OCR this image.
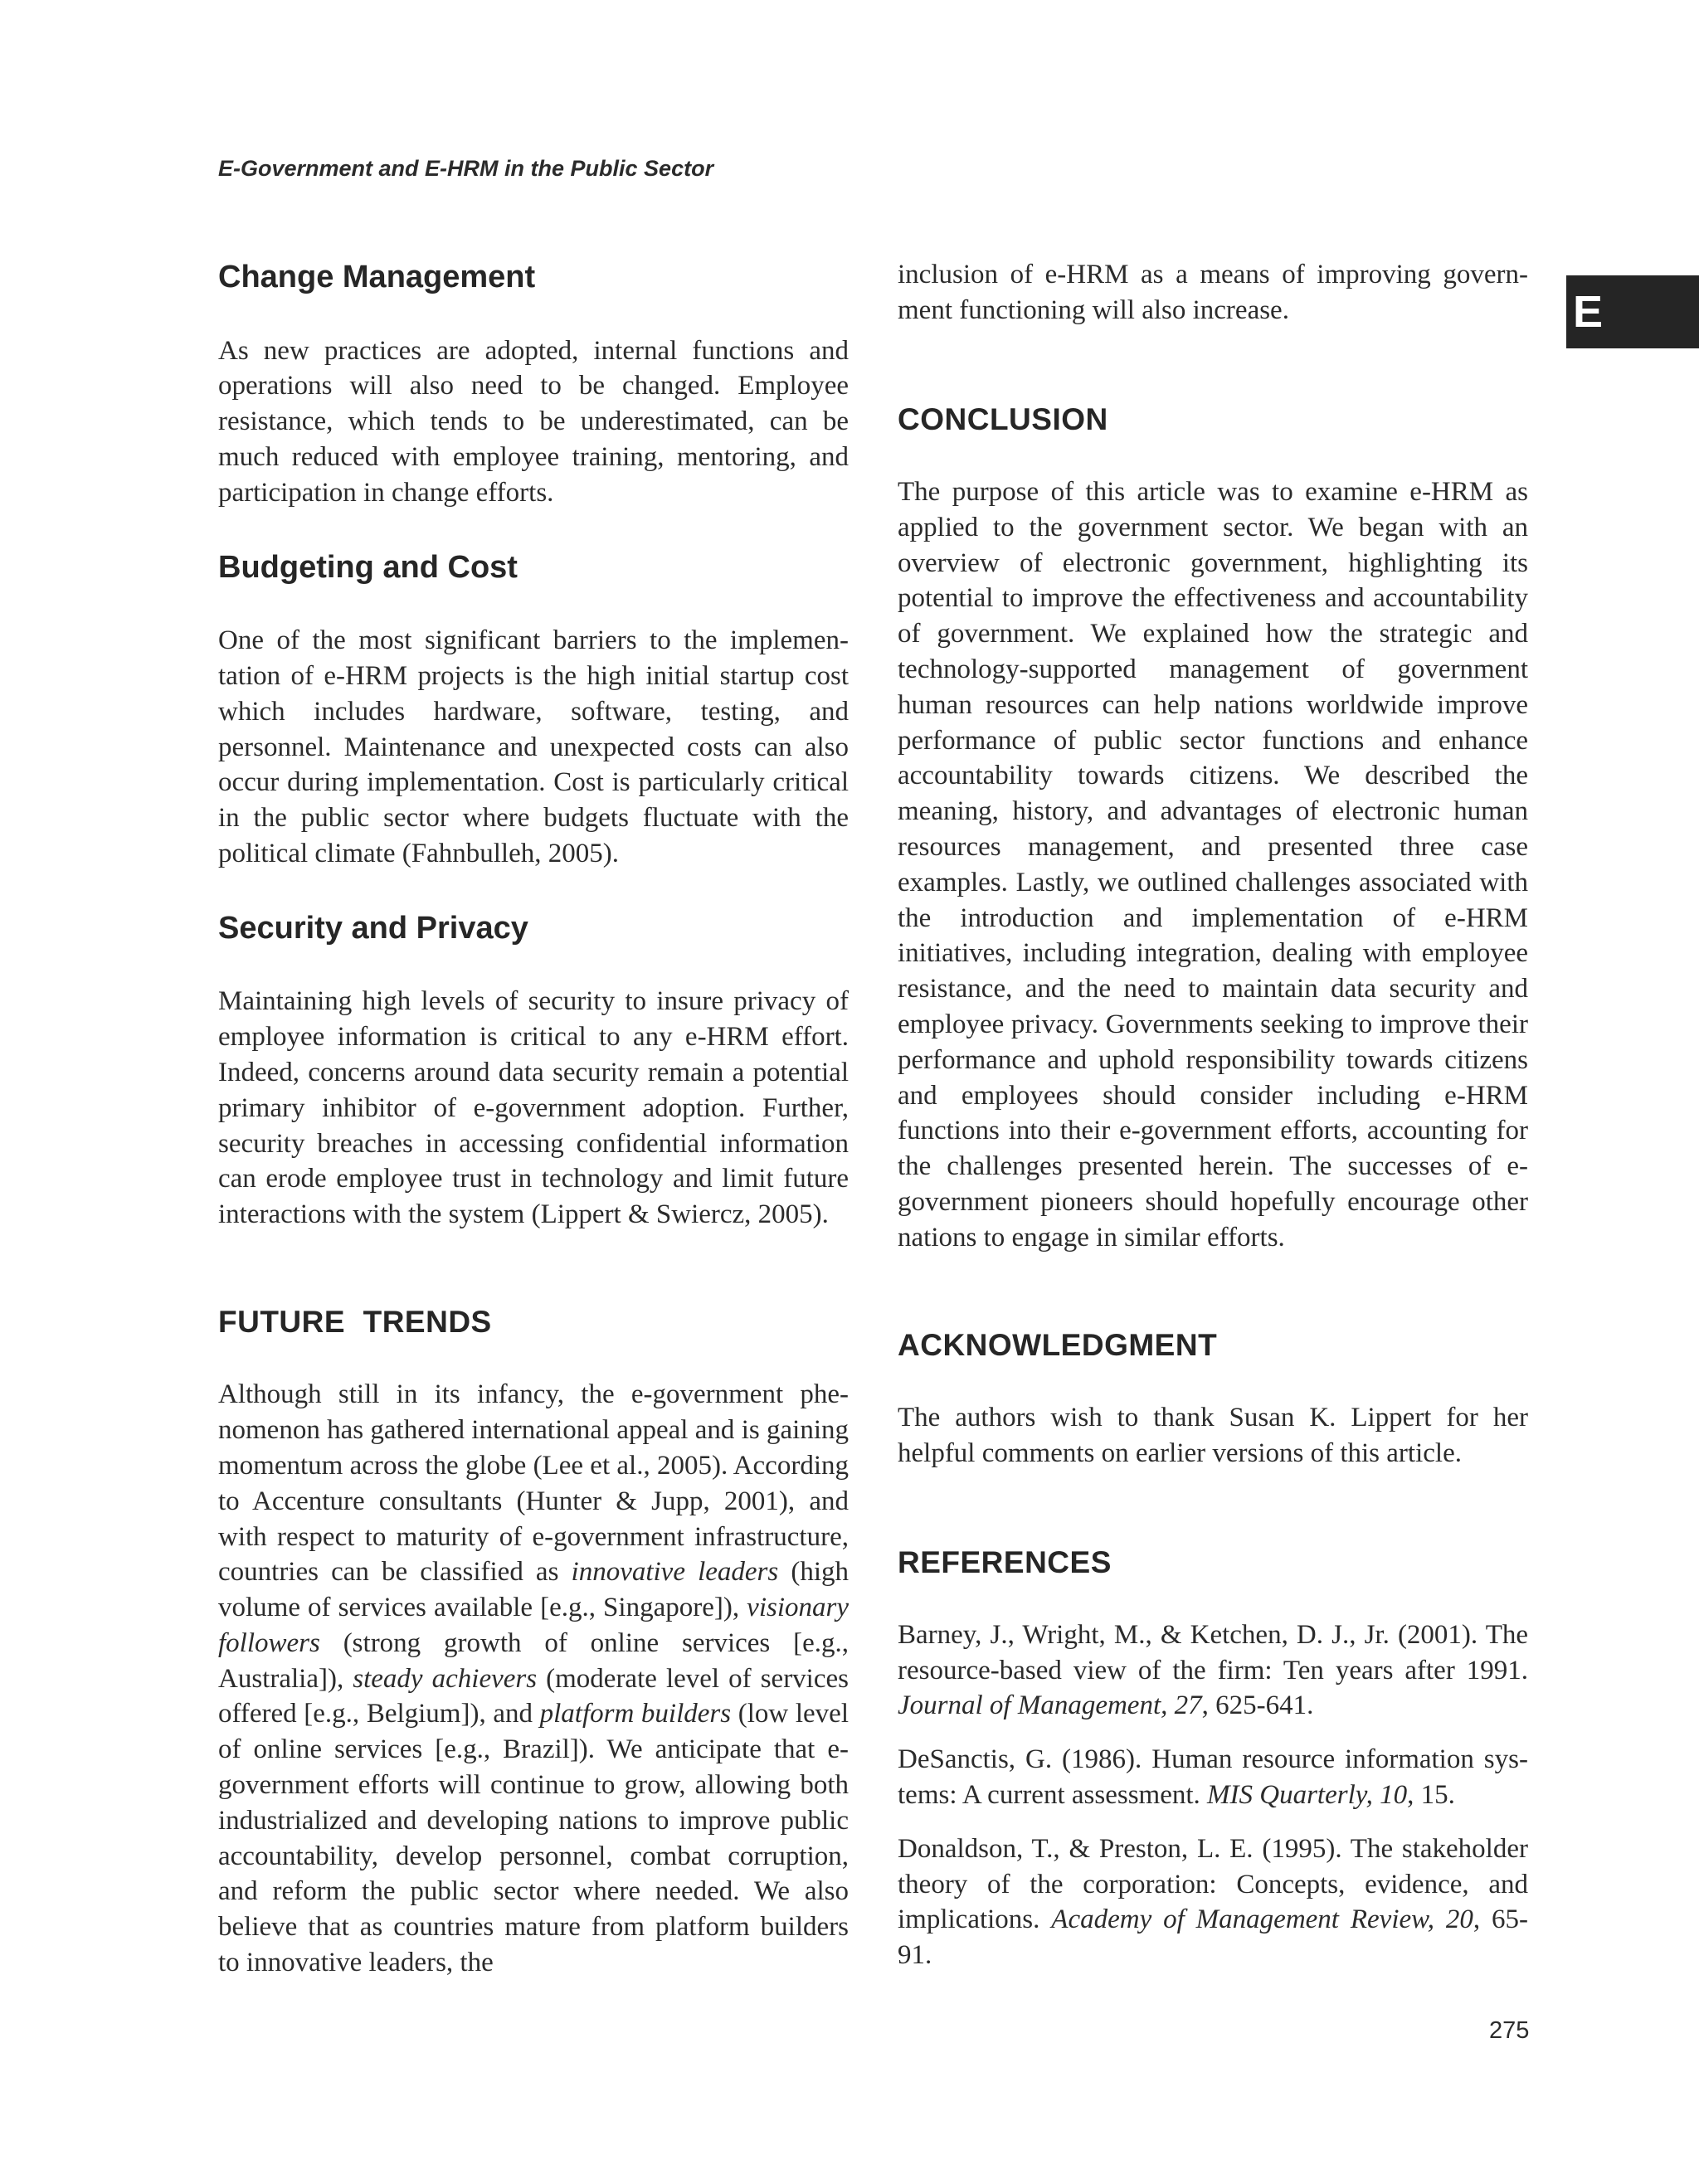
E-Government and E-HRM in the Public Sector
E
Change Management

As new practices are adopted, internal functions and operations will also need to be changed. Employee resistance, which tends to be underestimated, can be much reduced with employee training, mentoring, and participation in change efforts.

Budgeting and Cost

One of the most significant barriers to the implementation of e-HRM projects is the high initial startup cost which includes hardware, software, testing, and personnel. Maintenance and unexpected costs can also occur during implementation. Cost is particularly critical in the public sector where budgets fluctuate with the political climate (Fahnbulleh, 2005).

Security and Privacy

Maintaining high levels of security to insure privacy of employee information is critical to any e-HRM effort. Indeed, concerns around data security remain a potential primary inhibitor of e-government adoption. Further, security breaches in accessing confidential information can erode employee trust in technology and limit future interactions with the system (Lippert & Swiercz, 2005).

FUTURE  TRENDS

Although still in its infancy, the e-government phenomenon has gathered international appeal and is gaining momentum across the globe (Lee et al., 2005). According to Accenture consultants (Hunter & Jupp, 2001), and with respect to maturity of e-government infrastructure, countries can be classified as innovative leaders (high volume of services available [e.g., Singapore]), visionary followers (strong growth of online services [e.g., Australia]), steady achievers (moderate level of services offered [e.g., Belgium]), and platform builders (low level of online services [e.g., Brazil]). We anticipate that e-government efforts will continue to grow, allowing both industrialized and developing nations to improve public accountability, develop personnel, combat corruption, and reform the public sector where needed. We also believe that as countries mature from platform builders to innovative leaders, the

inclusion of e-HRM as a means of improving government functioning will also increase.

CONCLUSION

The purpose of this article was to examine e-HRM as applied to the government sector. We began with an overview of electronic government, highlighting its potential to improve the effectiveness and accountability of government. We explained how the strategic and technology-supported management of government human resources can help nations worldwide improve performance of public sector functions and enhance accountability towards citizens. We described the meaning, history, and advantages of electronic human resources management, and presented three case examples. Lastly, we outlined challenges associated with the introduction and implementation of e-HRM initiatives, including integration, dealing with employee resistance, and the need to maintain data security and employee privacy. Governments seeking to improve their performance and uphold responsibility towards citizens and employees should consider including e-HRM functions into their e-government efforts, accounting for the challenges presented herein. The successes of e-government pioneers should hopefully encourage other nations to engage in similar efforts.

ACKNOWLEDGMENT

The authors wish to thank Susan K. Lippert for her helpful comments on earlier versions of this article.

REFERENCES

Barney, J., Wright, M., & Ketchen, D. J., Jr. (2001). The resource-based view of the firm: Ten years after 1991. Journal of Management, 27, 625-641.

DeSanctis, G. (1986). Human resource information systems: A current assessment. MIS Quarterly, 10, 15.

Donaldson, T., & Preston, L. E. (1995). The stakeholder theory of the corporation: Concepts, evidence, and implications. Academy of Management Review, 20, 65-91.

275
